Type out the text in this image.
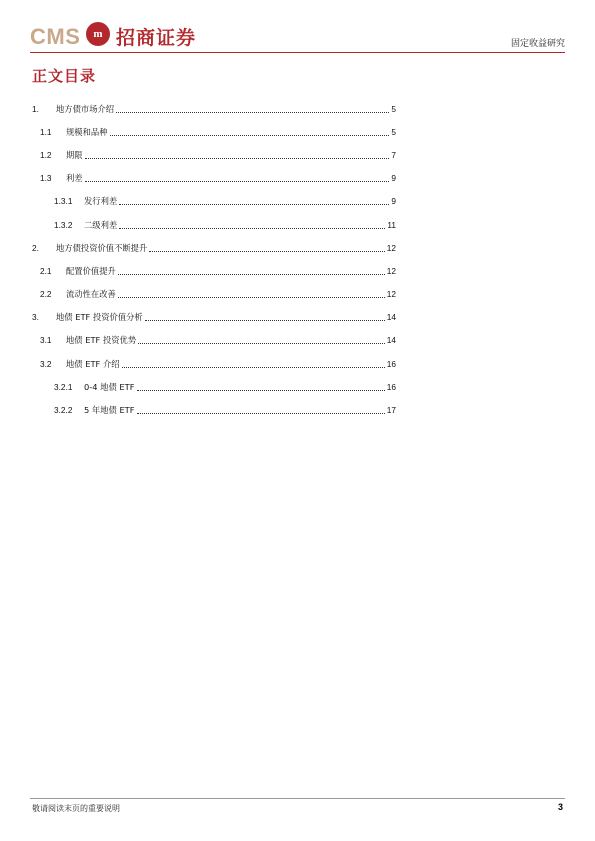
CMS	m 招商证券	固定收益研究
正文目录
1.	地方债市场介绍	5
1.1	规模和品种	5
1.2	期限	7
1.3	利差	9
1.3.1	发行利差	9
1.3.2	二级利差	11
2.	地方债投资价值不断提升	12
2.1	配置价值提升	12
2.2	流动性在改善	12
3.	地债 ETF 投资价值分析	14
3.1	地债 ETF 投资优势	14
3.2	地债 ETF 介绍	16
3.2.1	0-4 地债 ETF	16
3.2.2	5 年地债 ETF	17
敬请阅读末页的重要说明	3
